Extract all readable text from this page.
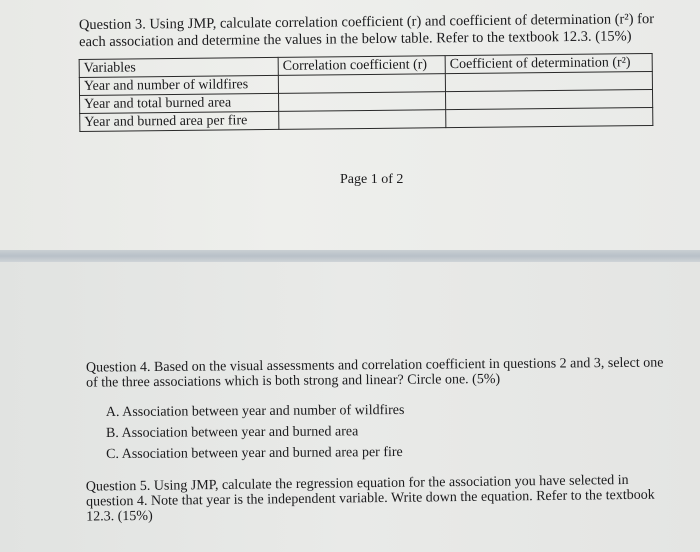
Question 3. Using JMP, calculate correlation coefficient (r) and coefficient of determination (r²) for each association and determine the values in the below table. Refer to the textbook 12.3. (15%)
Variables	Correlation coefficient (r)	Coefficient of determination (r²)
Year and number of wildfires		
Year and total burned area		
Year and burned area per fire		
Page 1 of 2
Question 4. Based on the visual assessments and correlation coefficient in questions 2 and 3, select one of the three associations which is both strong and linear? Circle one. (5%)
A. Association between year and number of wildfires
B. Association between year and burned area
C. Association between year and burned area per fire
Question 5. Using JMP, calculate the regression equation for the association you have selected in question 4. Note that year is the independent variable. Write down the equation. Refer to the textbook 12.3. (15%)
